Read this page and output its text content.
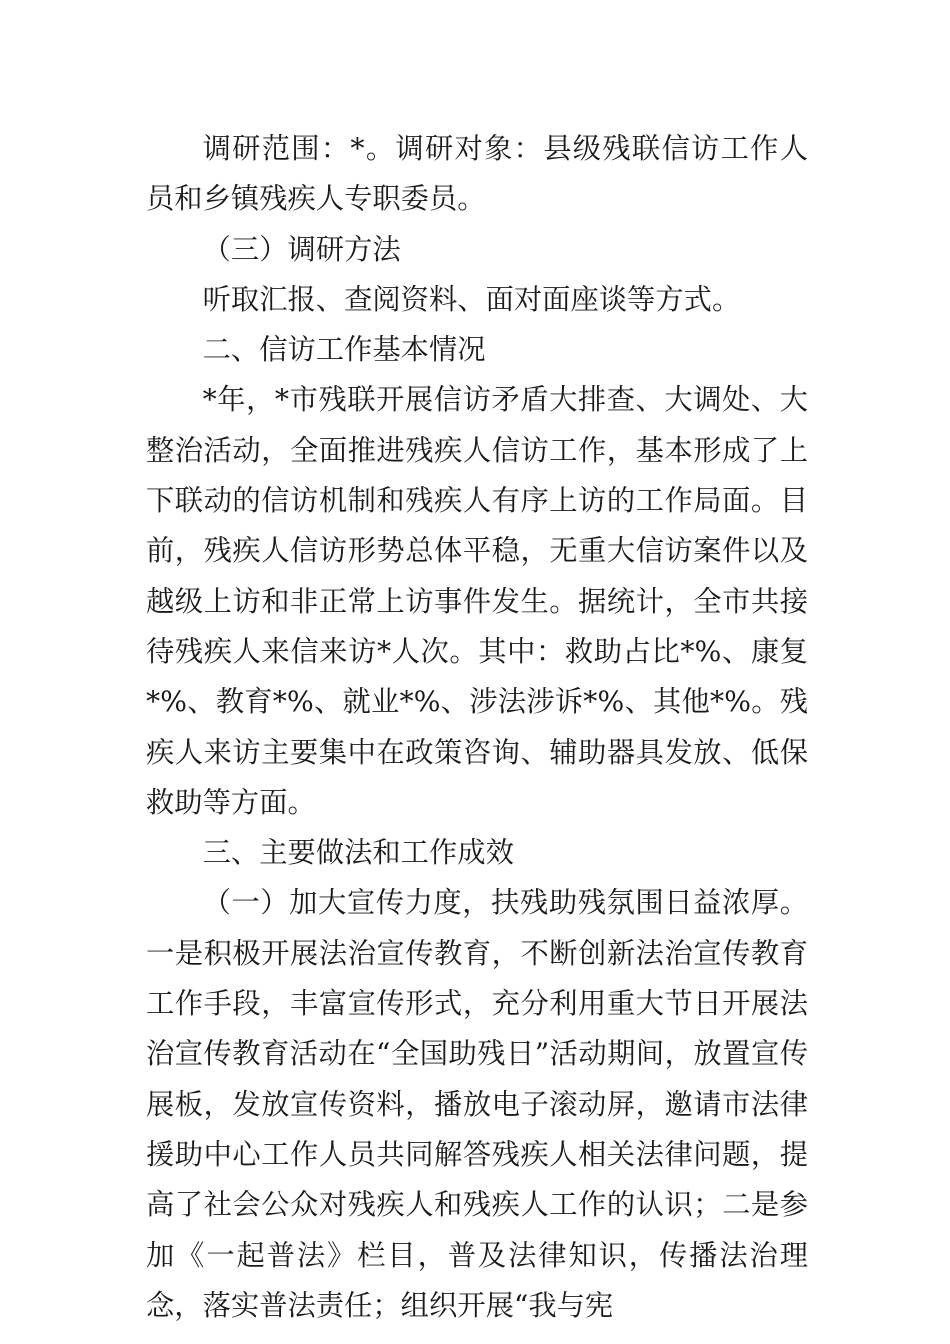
调研范围：*。调研对象：县级残联信访工作人员和乡镇残疾人专职委员。

（三）调研方法

听取汇报、查阅资料、面对面座谈等方式。

二、信访工作基本情况

*年，*市残联开展信访矛盾大排查、大调处、大整治活动，全面推进残疾人信访工作，基本形成了上下联动的信访机制和残疾人有序上访的工作局面。目前，残疾人信访形势总体平稳，无重大信访案件以及越级上访和非正常上访事件发生。据统计，全市共接待残疾人来信来访*人次。其中：救助占比*%、康复*%、教育*%、就业*%、涉法涉诉*%、其他*%。残疾人来访主要集中在政策咨询、辅助器具发放、低保救助等方面。

三、主要做法和工作成效

（一）加大宣传力度，扶残助残氛围日益浓厚。一是积极开展法治宣传教育，不断创新法治宣传教育工作手段，丰富宣传形式，充分利用重大节日开展法治宣传教育活动在“全国助残日”活动期间，放置宣传展板，发放宣传资料，播放电子滚动屏，邀请市法律援助中心工作人员共同解答残疾人相关法律问题，提高了社会公众对残疾人和残疾人工作的认识；二是参加《一起普法》栏目，普及法律知识，传播法治理念，落实普法责任；组织开展“我与宪
